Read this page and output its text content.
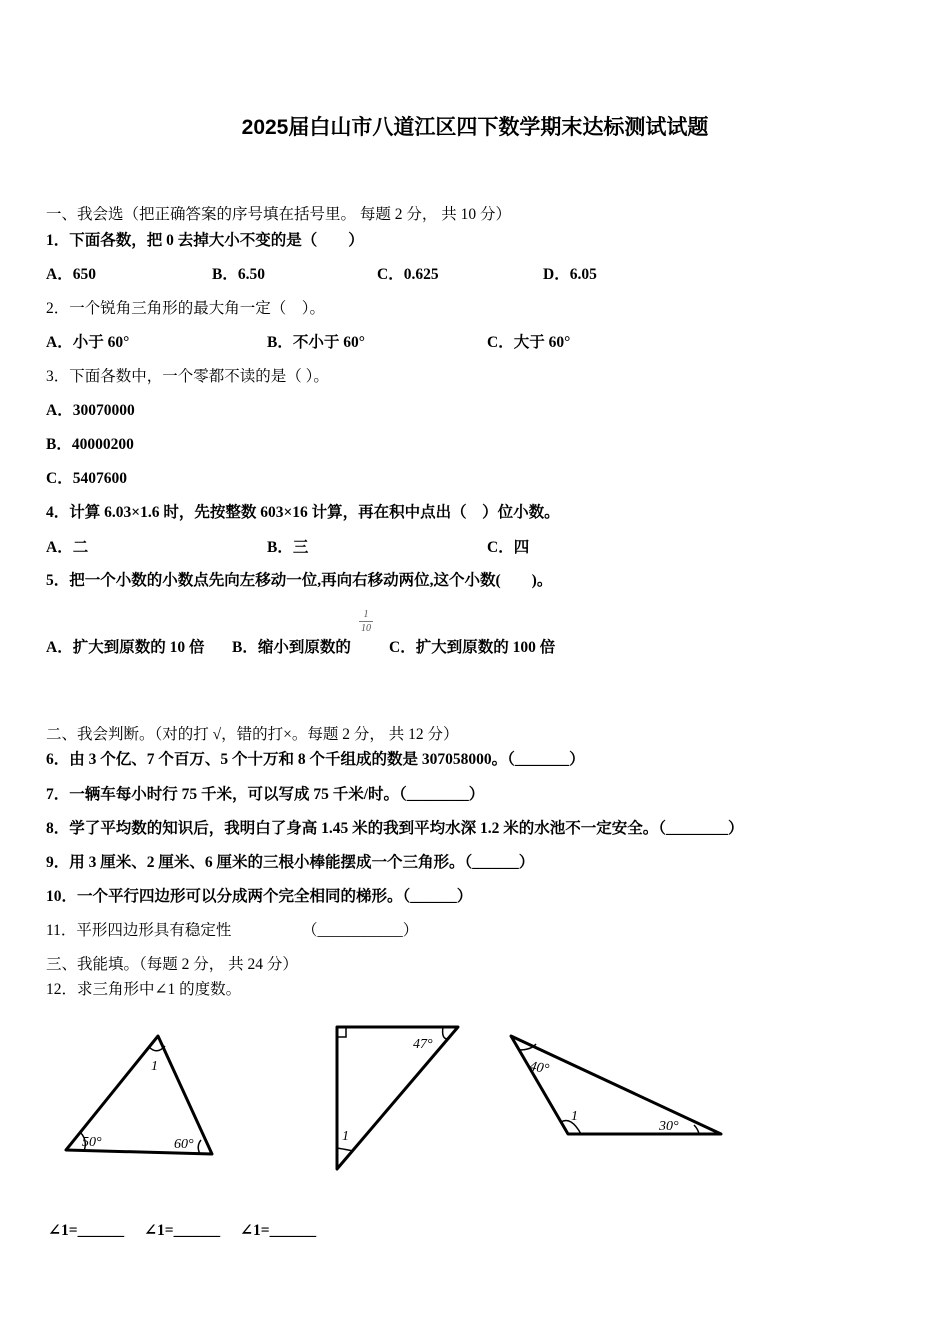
2025届白山市八道江区四下数学期末达标测试试题
一、我会选（把正确答案的序号填在括号里。 每题 2 分， 共 10 分）
1．下面各数，把 0 去掉大小不变的是（　　）
A．650	B．6.50	C．0.625	D．6.05
2．一个锐角三角形的最大角一定（　）。
A．小于 60°	B．不小于 60°	C．大于 60°
3．下面各数中，一个零都不读的是（ ）。
A．30070000
B．40000200
C．5407600
4．计算 6.03×1.6 时，先按整数 603×16 计算，再在积中点出（　）位小数。
A．二	B．三	C．四
5．把一个小数的小数点先向左移动一位,再向右移动两位,这个小数(　　)。
A．扩大到原数的 10 倍 B．缩小到原数的
1
10
C．扩大到原数的 100 倍
二、我会判断。（对的打 √，错的打×。每题 2 分， 共 12 分）
6．由 3 个亿、7 个百万、5 个十万和 8 个千组成的数是 307058000。（_______）
7．一辆车每小时行 75 千米，可以写成 75 千米/时。（________）
8．学了平均数的知识后，我明白了身高 1.45 米的我到平均水深 1.2 米的水池不一定安全。（________）
9．用 3 厘米、2 厘米、6 厘米的三根小棒能摆成一个三角形。（______）
10．一个平行四边形可以分成两个完全相同的梯形。（______）
11．平形四边形具有稳定性	（___________）
三、我能填。（每题 2 分， 共 24 分）
12．求三角形中∠1 的度数。
1
50°	60°
47°
1
40°
1
30°
∠1=______ ∠1=______ ∠1=______
